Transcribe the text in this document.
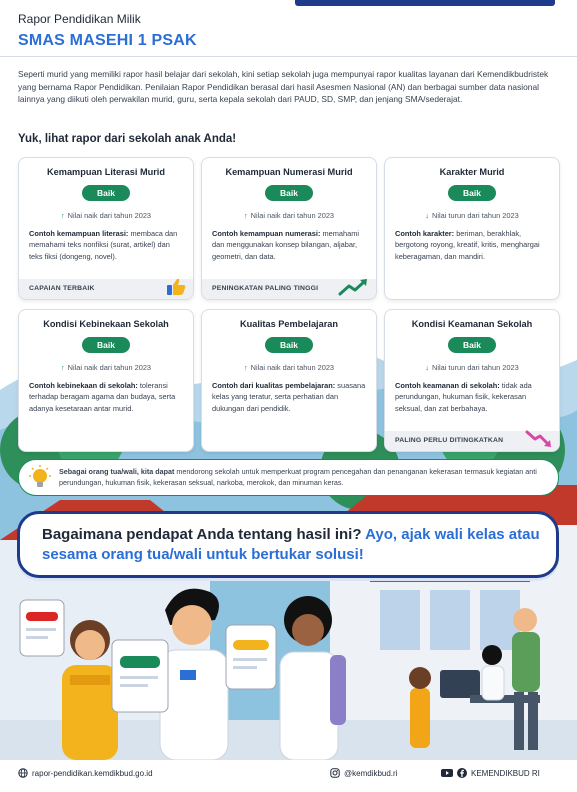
Rapor Pendidikan Milik
SMAS MASEHI 1 PSAK

Seperti murid yang memiliki rapor hasil belajar dari sekolah, kini setiap sekolah juga mempunyai rapor kualitas layanan dari Kemendikbudristek yang bernama Rapor Pendidikan. Penilaian Rapor Pendidikan berasal dari hasil Asesmen Nasional (AN) dan berbagai sumber data nasional lainnya yang diikuti oleh perwakilan murid, guru, serta kepala sekolah dari PAUD, SD, SMP, dan jenjang SMA/sederajat.

Yuk, lihat rapor dari sekolah anak Anda!
Kemampuan Literasi Murid
Baik
↑ Nilai naik dari tahun 2023
Contoh kemampuan literasi: membaca dan memahami teks nonfiksi (surat, artikel) dan teks fiksi (dongeng, novel).
CAPAIAN TERBAIK
Kemampuan Numerasi Murid
Baik
↑ Nilai naik dari tahun 2023
Contoh kemampuan numerasi: memahami dan menggunakan konsep bilangan, aljabar, geometri, dan data.
PENINGKATAN PALING TINGGI
Karakter Murid
Baik
↓ Nilai turun dari tahun 2023
Contoh karakter: beriman, berakhlak, bergotong royong, kreatif, kritis, menghargai keberagaman, dan mandiri.
Kondisi Kebinekaan Sekolah
Baik
↑ Nilai naik dari tahun 2023
Contoh kebinekaan di sekolah: toleransi terhadap beragam agama dan budaya, serta adanya kesetaraan antar murid.
Kualitas Pembelajaran
Baik
↑ Nilai naik dari tahun 2023
Contoh dari kualitas pembelajaran: suasana kelas yang teratur, serta perhatian dan dukungan dari pendidik.
Kondisi Keamanan Sekolah
Baik
↓ Nilai turun dari tahun 2023
Contoh keamanan di sekolah: tidak ada perundungan, hukuman fisik, kekerasan seksual, dan zat berbahaya.
PALING PERLU DITINGKATKAN
Sebagai orang tua/wali, kita dapat mendorong sekolah untuk memperkuat program pencegahan dan penanganan kekerasan termasuk kegiatan anti perundungan, hukuman fisik, kekerasan seksual, narkoba, merokok, dan minuman keras.
Bagaimana pendapat Anda tentang hasil ini? Ayo, ajak wali kelas atau sesama orang tua/wali untuk bertukar solusi!
rapor-pendidikan.kemdikbud.go.id	@kemdikbud.ri	KEMENDIKBUD RI
